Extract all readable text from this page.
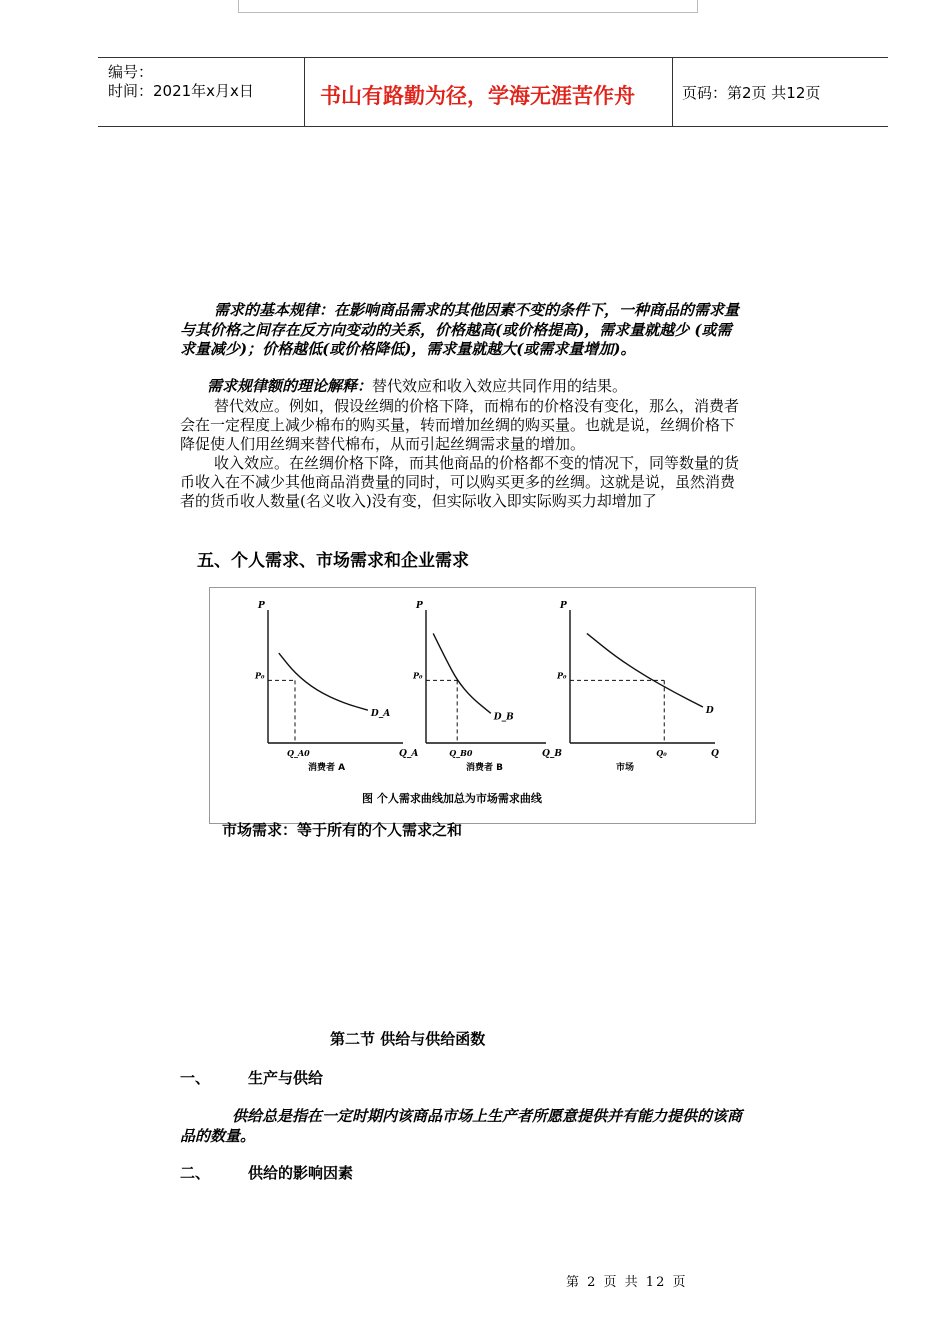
编号：
时间：2021年x月x日	书山有路勤为径，学海无涯苦作舟	页码：第2页 共12页
需求的基本规律：在影响商品需求的其他因素不变的条件下，一种商品的需求量
与其价格之间存在反方向变动的关系，价格越高(或价格提高)，需求量就越少 (或需
求量减少)；价格越低(或价格降低)，需求量就越大(或需求量增加)。
需求规律额的理论解释：替代效应和收入效应共同作用的结果。
替代效应。例如，假设丝绸的价格下降，而棉布的价格没有变化，那么，消费者
会在一定程度上减少棉布的购买量，转而增加丝绸的购买量。也就是说，丝绸价格下
降促使人们用丝绸来替代棉布，从而引起丝绸需求量的增加。
收入效应。在丝绸价格下降，而其他商品的价格都不变的情况下，同等数量的货
币收入在不减少其他商品消费量的同时，可以购买更多的丝绸。这就是说，虽然消费
者的货币收人数量(名义收入)没有变，但实际收入即实际购买力却增加了
五、个人需求、市场需求和企业需求
P
Q_A
D_A
P₀
Q_A0
消费者 A
P
Q_B
D_B
P₀
Q_B0
消费者 B
P
Q
D
P₀
Q₀
市场
图 个人需求曲线加总为市场需求曲线
市场需求：等于所有的个人需求之和
第二节 供给与供给函数
一、	生产与供给
供给总是指在一定时期内该商品市场上生产者所愿意提供并有能力提供的该商
品的数量。
二、	供给的影响因素
第 2 页 共 12 页
